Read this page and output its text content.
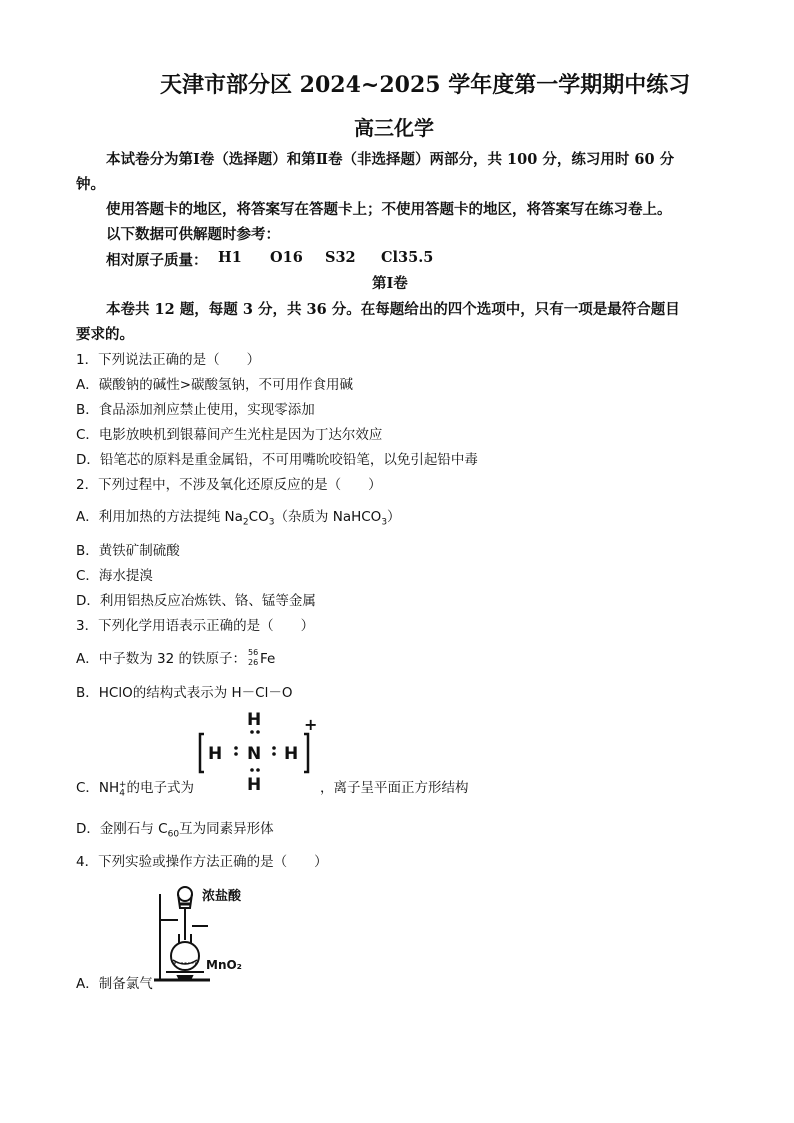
天津市部分区 2024~2025 学年度第一学期期中练习
高三化学
本试卷分为第Ⅰ卷（选择题）和第Ⅱ卷（非选择题）两部分，共 100 分，练习用时 60 分
钟。
使用答题卡的地区，将答案写在答题卡上；不使用答题卡的地区，将答案写在练习卷上。
以下数据可供解题时参考：
相对原子质量： H1 O16 S32 Cl35.5
第Ⅰ卷
本卷共 12 题，每题 3 分，共 36 分。在每题给出的四个选项中，只有一项是最符合题目
要求的。
1．下列说法正确的是（　　）
A．碳酸钠的碱性>碳酸氢钠，不可用作食用碱
B．食品添加剂应禁止使用，实现零添加
C．电影放映机到银幕间产生光柱是因为丁达尔效应
D．铅笔芯的原料是重金属铅，不可用嘴吮咬铅笔，以免引起铅中毒
2．下列过程中，不涉及氧化还原反应的是（　　）
A．利用加热的方法提纯 $Na_2CO_3$（杂质为 NaHCO$_3$）
B．黄铁矿制硫酸
C．海水提溴
D．利用铝热反应冶炼铁、铬、锰等金属
3．下列化学用语表示正确的是（　　）
A．中子数为 32 的铁原子： 56
26 Fe
B．HClO的结构式表示为 H－Cl－O
H
H
H N H
+
C．$NH_4^+$的电子式为	，离子呈平面正方形结构
D．金刚石与 $C_{60}$互为同素异形体
4．下列实验或操作方法正确的是（　　）
浓盐酸
MnO₂
A．制备氯气
